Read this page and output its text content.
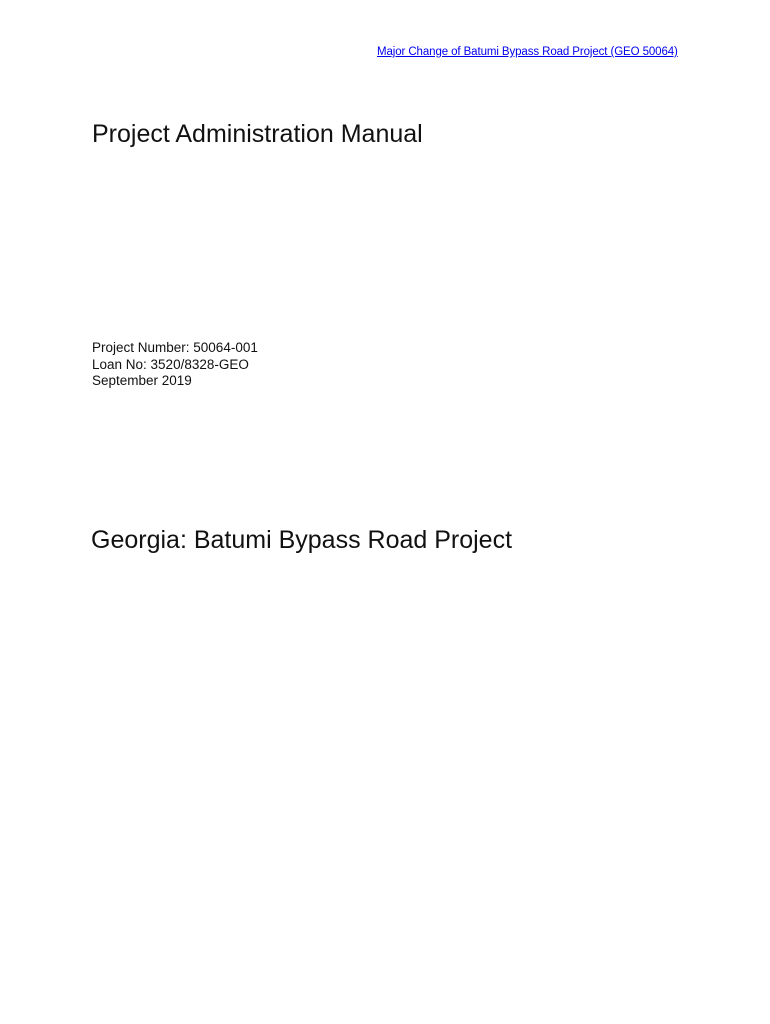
Major Change of Batumi Bypass Road Project (GEO 50064)
Project Administration Manual
Project Number: 50064-001
Loan No: 3520/8328-GEO
September 2019
Georgia: Batumi Bypass Road Project
